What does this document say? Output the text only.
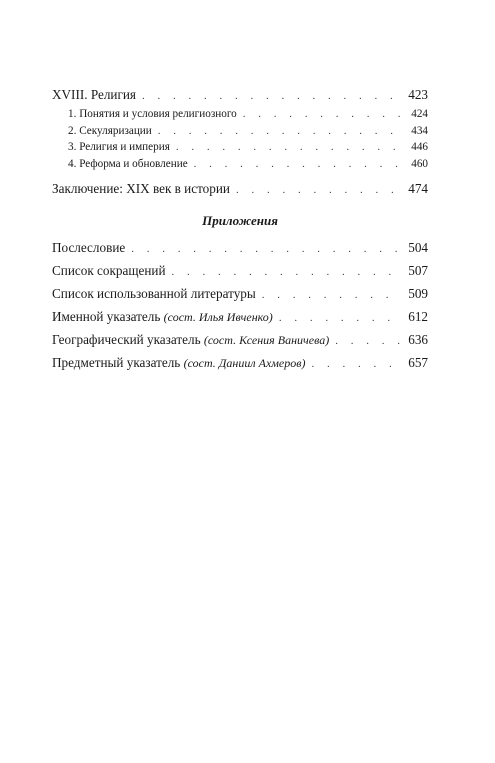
XVIII. Религия . . .	423
1. Понятия и условия религиозного . . .	424
2. Секуляризации . . .	434
3. Религия и империя . . .	446
4. Реформа и обновление . . .	460
Заключение: XIX век в истории . . .	474
Приложения
Послесловие . . .	504
Список сокращений . . .	507
Список использованной литературы . . .	509
Именной указатель (сост. Илья Ивченко) . . .	612
Географический указатель (сост. Ксения Ваничева) . . .	636
Предметный указатель (сост. Даниил Ахмеров) . . .	657
